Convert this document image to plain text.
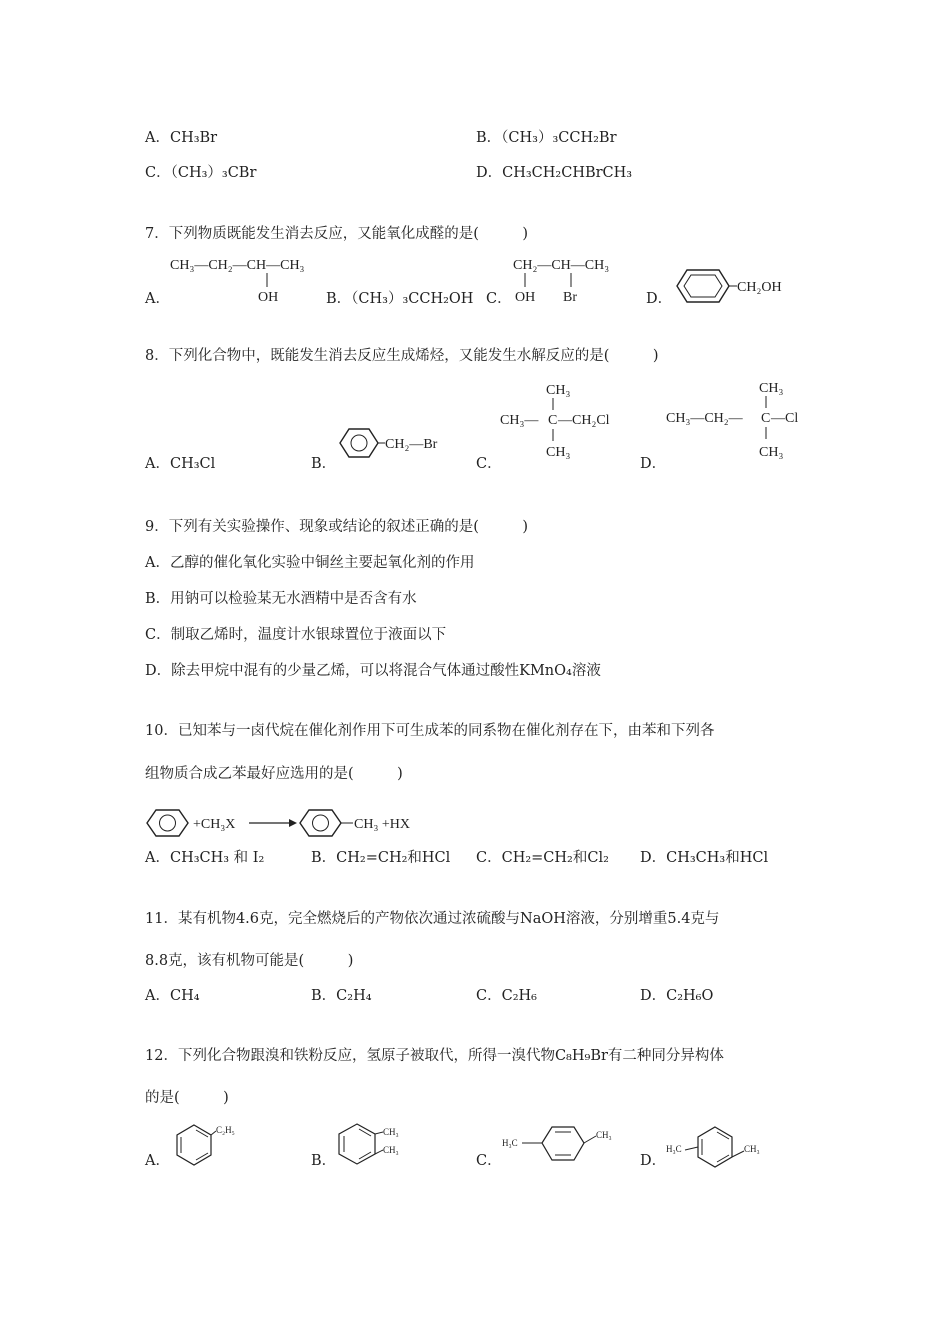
A．CH₃Br	B．（CH₃）₃CCH₂Br
C．（CH₃）₃CBr	D．CH₃CH₂CHBrCH₃
7．下列物质既能发生消去反应，又能氧化成醛的是(　　　)
A．
CH₃—CH₂—CH—CH₃
OH	B．（CH₃）₃CCH₂OH C．
CH₂—CH—CH₃
OH Br	D．
CH₂OH
8．下列化合物中，既能发生消去反应生成烯烃，又能发生水解反应的是(　　　)
A．CH₃Cl	B．
CH₂—Br
C．
CH₃
CH₃— C —CH₂Cl
CH₃
D．
CH₃
CH₃—CH₂— C —Cl
CH₃
9．下列有关实验操作、现象或结论的叙述正确的是(　　　)
A．乙醇的催化氧化实验中铜丝主要起氧化剂的作用
B．用钠可以检验某无水酒精中是否含有水
C．制取乙烯时，温度计水银球置位于液面以下
D．除去甲烷中混有的少量乙烯，可以将混合气体通过酸性KMnO₄溶液
10．已知苯与一卤代烷在催化剂作用下可生成苯的同系物在催化剂存在下，由苯和下列各
组物质合成乙苯最好应选用的是(　　　)
+CH₃X	CH₃ +HX
A．CH₃CH₃ 和 I₂	B．CH₂=CH₂和HCl C．CH₂=CH₂和Cl₂ D．CH₃CH₃和HCl
11．某有机物4.6克，完全燃烧后的产物依次通过浓硫酸与NaOH溶液，分别增重5.4克与
8.8克，该有机物可能是(　　　)
A．CH₄	B．C₂H₄	C．C₂H₆	D．C₂H₆O
12．下列化合物跟溴和铁粉反应，氢原子被取代，所得一溴代物C₈H₉Br有二种同分异构体
的是(　　　)
A．
C₂H₅
B．
CH₃
CH₃
C．
H₃C
CH₃
D．
H₃C	CH₃
